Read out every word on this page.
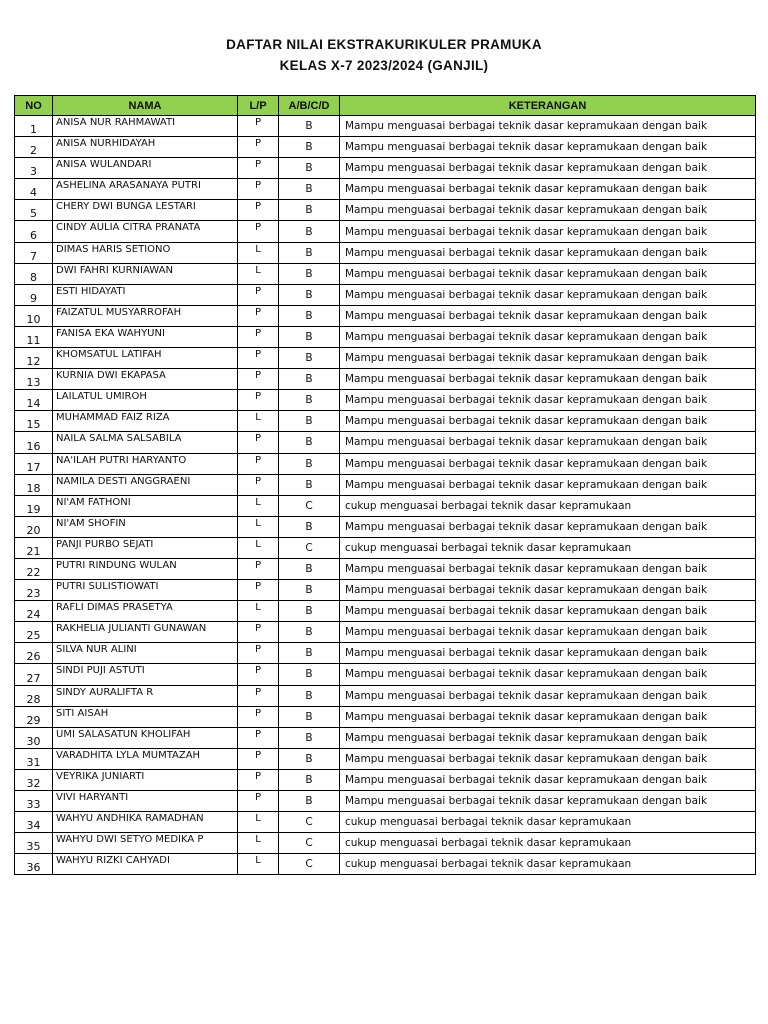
DAFTAR NILAI EKSTRAKURIKULER PRAMUKA
KELAS X-7 2023/2024 (GANJIL)
NO	NAMA	L/P	A/B/C/D	KETERANGAN
1	ANISA NUR RAHMAWATI	P	B	Mampu menguasai berbagai teknik dasar kepramukaan dengan baik
2	ANISA NURHIDAYAH	P	B	Mampu menguasai berbagai teknik dasar kepramukaan dengan baik
3	ANISA WULANDARI	P	B	Mampu menguasai berbagai teknik dasar kepramukaan dengan baik
4	ASHELINA ARASANAYA PUTRI	P	B	Mampu menguasai berbagai teknik dasar kepramukaan dengan baik
5	CHERY DWI BUNGA LESTARI	P	B	Mampu menguasai berbagai teknik dasar kepramukaan dengan baik
6	CINDY AULIA CITRA PRANATA	P	B	Mampu menguasai berbagai teknik dasar kepramukaan dengan baik
7	DIMAS HARIS SETIONO	L	B	Mampu menguasai berbagai teknik dasar kepramukaan dengan baik
8	DWI FAHRI KURNIAWAN	L	B	Mampu menguasai berbagai teknik dasar kepramukaan dengan baik
9	ESTI HIDAYATI	P	B	Mampu menguasai berbagai teknik dasar kepramukaan dengan baik
10	FAIZATUL MUSYARROFAH	P	B	Mampu menguasai berbagai teknik dasar kepramukaan dengan baik
11	FANISA EKA WAHYUNI	P	B	Mampu menguasai berbagai teknik dasar kepramukaan dengan baik
12	KHOMSATUL LATIFAH	P	B	Mampu menguasai berbagai teknik dasar kepramukaan dengan baik
13	KURNIA DWI EKAPASA	P	B	Mampu menguasai berbagai teknik dasar kepramukaan dengan baik
14	LAILATUL UMIROH	P	B	Mampu menguasai berbagai teknik dasar kepramukaan dengan baik
15	MUHAMMAD FAIZ RIZA	L	B	Mampu menguasai berbagai teknik dasar kepramukaan dengan baik
16	NAILA SALMA SALSABILA	P	B	Mampu menguasai berbagai teknik dasar kepramukaan dengan baik
17	NA'ILAH PUTRI HARYANTO	P	B	Mampu menguasai berbagai teknik dasar kepramukaan dengan baik
18	NAMILA DESTI ANGGRAENI	P	B	Mampu menguasai berbagai teknik dasar kepramukaan dengan baik
19	NI'AM FATHONI	L	C	cukup menguasai berbagai teknik dasar kepramukaan
20	NI'AM SHOFIN	L	B	Mampu menguasai berbagai teknik dasar kepramukaan dengan baik
21	PANJI PURBO SEJATI	L	C	cukup menguasai berbagai teknik dasar kepramukaan
22	PUTRI RINDUNG WULAN	P	B	Mampu menguasai berbagai teknik dasar kepramukaan dengan baik
23	PUTRI SULISTIOWATI	P	B	Mampu menguasai berbagai teknik dasar kepramukaan dengan baik
24	RAFLI DIMAS PRASETYA	L	B	Mampu menguasai berbagai teknik dasar kepramukaan dengan baik
25	RAKHELIA JULIANTI GUNAWAN	P	B	Mampu menguasai berbagai teknik dasar kepramukaan dengan baik
26	SILVA NUR ALINI	P	B	Mampu menguasai berbagai teknik dasar kepramukaan dengan baik
27	SINDI PUJI ASTUTI	P	B	Mampu menguasai berbagai teknik dasar kepramukaan dengan baik
28	SINDY AURALIFTA R	P	B	Mampu menguasai berbagai teknik dasar kepramukaan dengan baik
29	SITI AISAH	P	B	Mampu menguasai berbagai teknik dasar kepramukaan dengan baik
30	UMI SALASATUN KHOLIFAH	P	B	Mampu menguasai berbagai teknik dasar kepramukaan dengan baik
31	VARADHITA LYLA MUMTAZAH	P	B	Mampu menguasai berbagai teknik dasar kepramukaan dengan baik
32	VEYRIKA JUNIARTI	P	B	Mampu menguasai berbagai teknik dasar kepramukaan dengan baik
33	VIVI HARYANTI	P	B	Mampu menguasai berbagai teknik dasar kepramukaan dengan baik
34	WAHYU ANDHIKA RAMADHAN	L	C	cukup menguasai berbagai teknik dasar kepramukaan
35	WAHYU DWI SETYO MEDIKA P	L	C	cukup menguasai berbagai teknik dasar kepramukaan
36	WAHYU RIZKI CAHYADI	L	C	cukup menguasai berbagai teknik dasar kepramukaan
